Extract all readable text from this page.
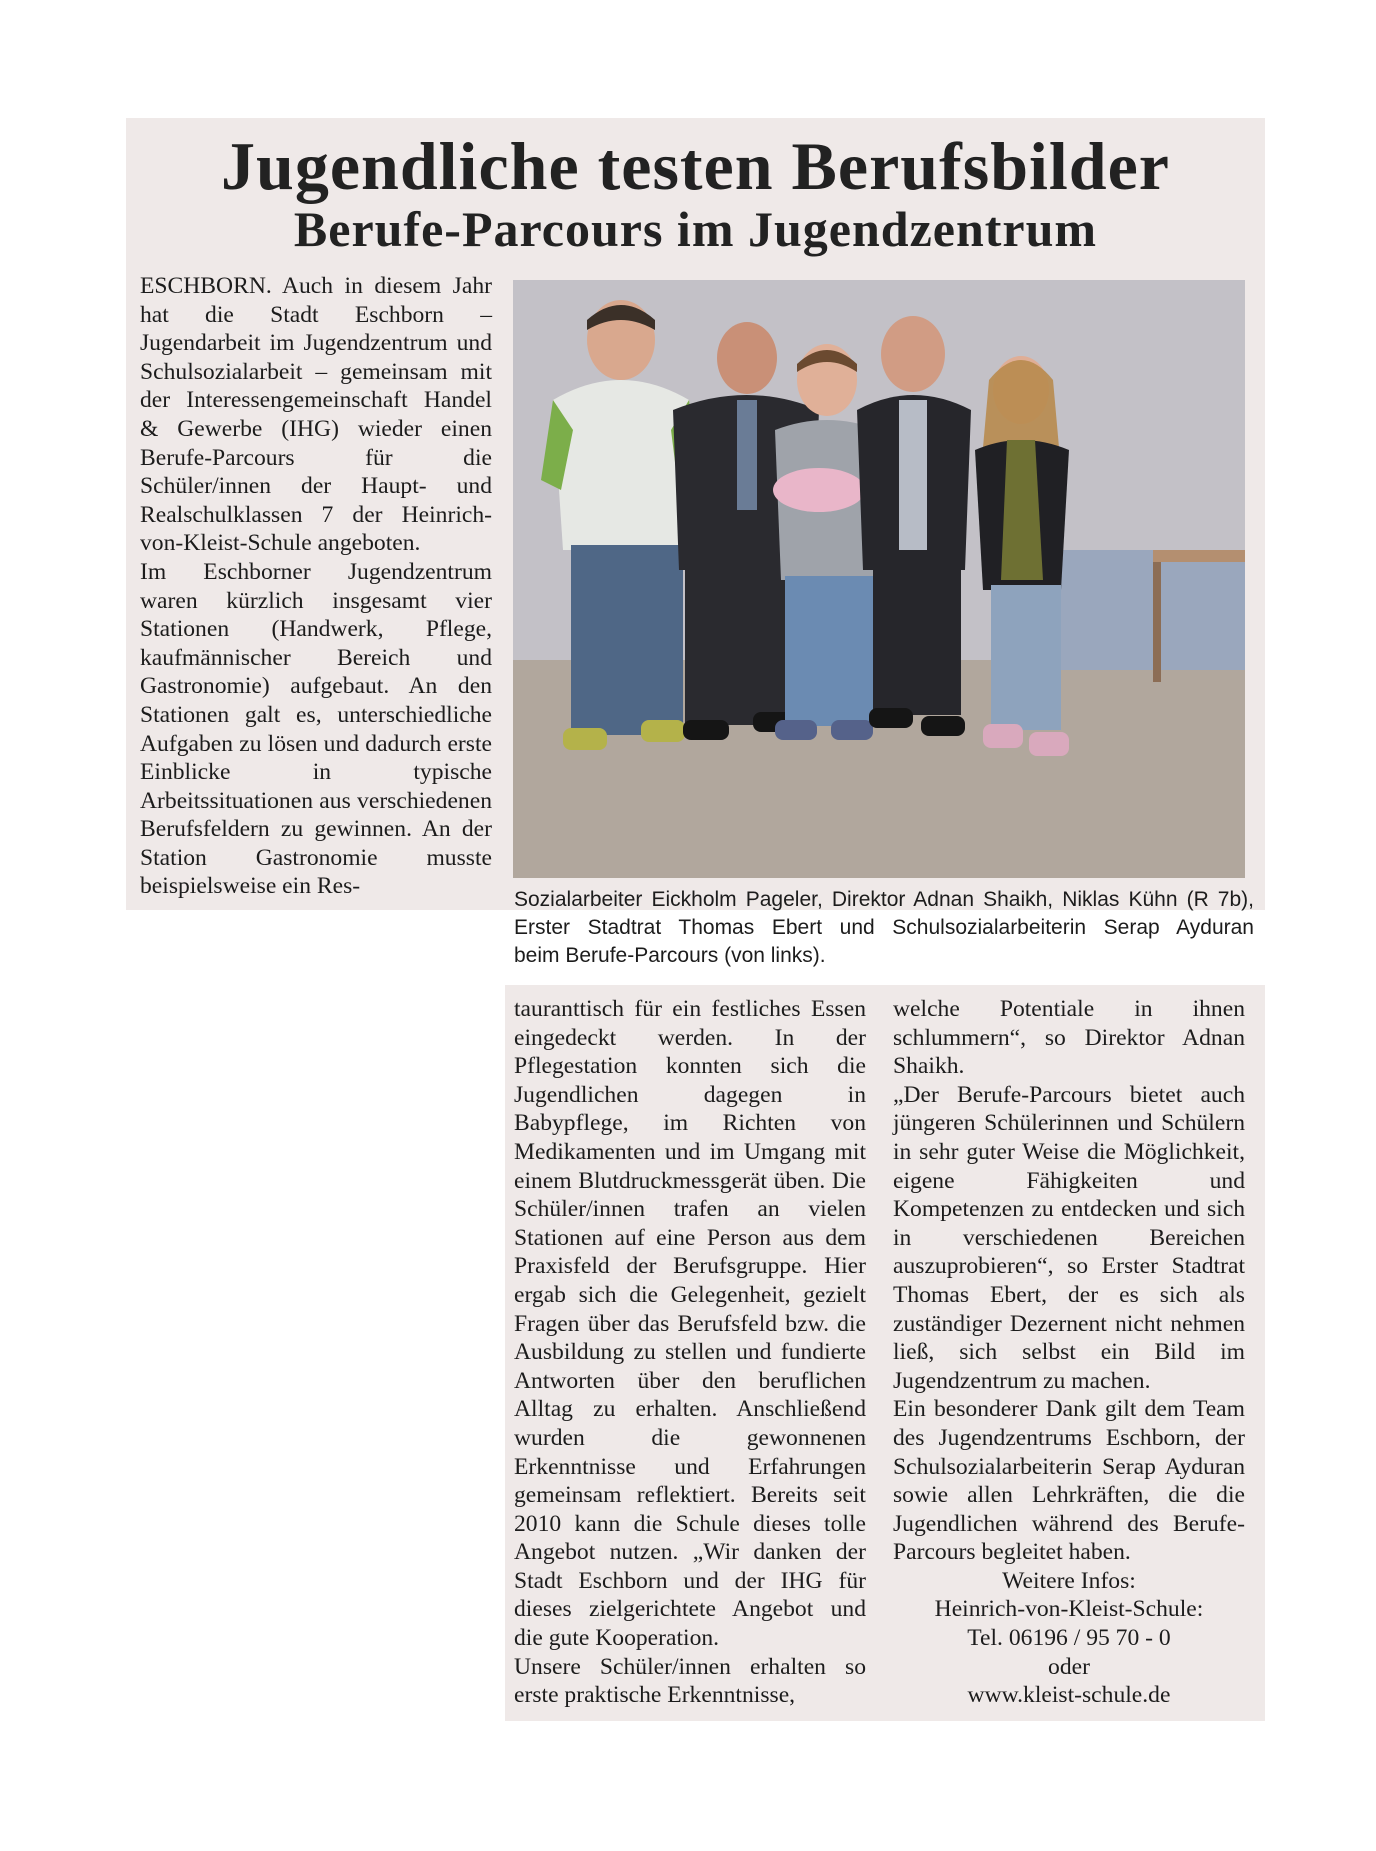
Jugendliche testen Berufsbilder
Berufe-Parcours im Jugendzentrum

ESCHBORN. Auch in diesem Jahr hat die Stadt Eschborn – Jugendarbeit im Jugendzentrum und Schulsozialarbeit – gemeinsam mit der Interessengemeinschaft Handel & Gewerbe (IHG) wieder einen Berufe-Parcours für die Schüler/innen der Haupt- und Realschulklassen 7 der Heinrich-von-Kleist-Schule angeboten.

Im Eschborner Jugendzentrum waren kürzlich insgesamt vier Stationen (Handwerk, Pflege, kaufmännischer Bereich und Gastronomie) aufgebaut. An den Stationen galt es, unterschiedliche Aufgaben zu lösen und dadurch erste Einblicke in typische Arbeitssituationen aus verschiedenen Berufsfeldern zu gewinnen. An der Station Gastronomie musste beispielsweise ein Res-

Sozialarbeiter Eickholm Pageler, Direktor Adnan Shaikh, Niklas Kühn (R 7b), Erster Stadtrat Thomas Ebert und Schulsozialarbeiterin Serap Ayduran
beim Berufe-Parcours (von links).

tauranttisch für ein festliches Essen eingedeckt werden. In der Pflegestation konnten sich die Jugendlichen dagegen in Babypflege, im Richten von Medikamenten und im Umgang mit einem Blutdruckmessgerät üben. Die Schüler/innen trafen an vielen Stationen auf eine Person aus dem Praxisfeld der Berufsgruppe. Hier ergab sich die Gelegenheit, gezielt Fragen über das Berufsfeld bzw. die Ausbildung zu stellen und fundierte Antworten über den beruflichen Alltag zu erhalten. Anschließend wurden die gewonnenen Erkenntnisse und Erfahrungen gemeinsam reflektiert. Bereits seit 2010 kann die Schule dieses tolle Angebot nutzen. „Wir danken der Stadt Eschborn und der IHG für dieses zielgerichtete Angebot und die gute Kooperation.

Unsere Schüler/innen erhalten so erste praktische Erkenntnisse,

welche Potentiale in ihnen schlummern“, so Direktor Adnan Shaikh.

„Der Berufe-Parcours bietet auch jüngeren Schülerinnen und Schülern in sehr guter Weise die Möglichkeit, eigene Fähigkeiten und Kompetenzen zu entdecken und sich in verschiedenen Bereichen auszuprobieren“, so Erster Stadtrat Thomas Ebert, der es sich als zuständiger Dezernent nicht nehmen ließ, sich selbst ein Bild im Jugendzentrum zu machen.

Ein besonderer Dank gilt dem Team des Jugendzentrums Eschborn, der Schulsozialarbeiterin Serap Ayduran sowie allen Lehrkräften, die die Jugendlichen während des Berufe-Parcours begleitet haben.

Weitere Infos:
Heinrich-von-Kleist-Schule:
Tel. 06196 / 95 70 - 0
oder
www.kleist-schule.de
